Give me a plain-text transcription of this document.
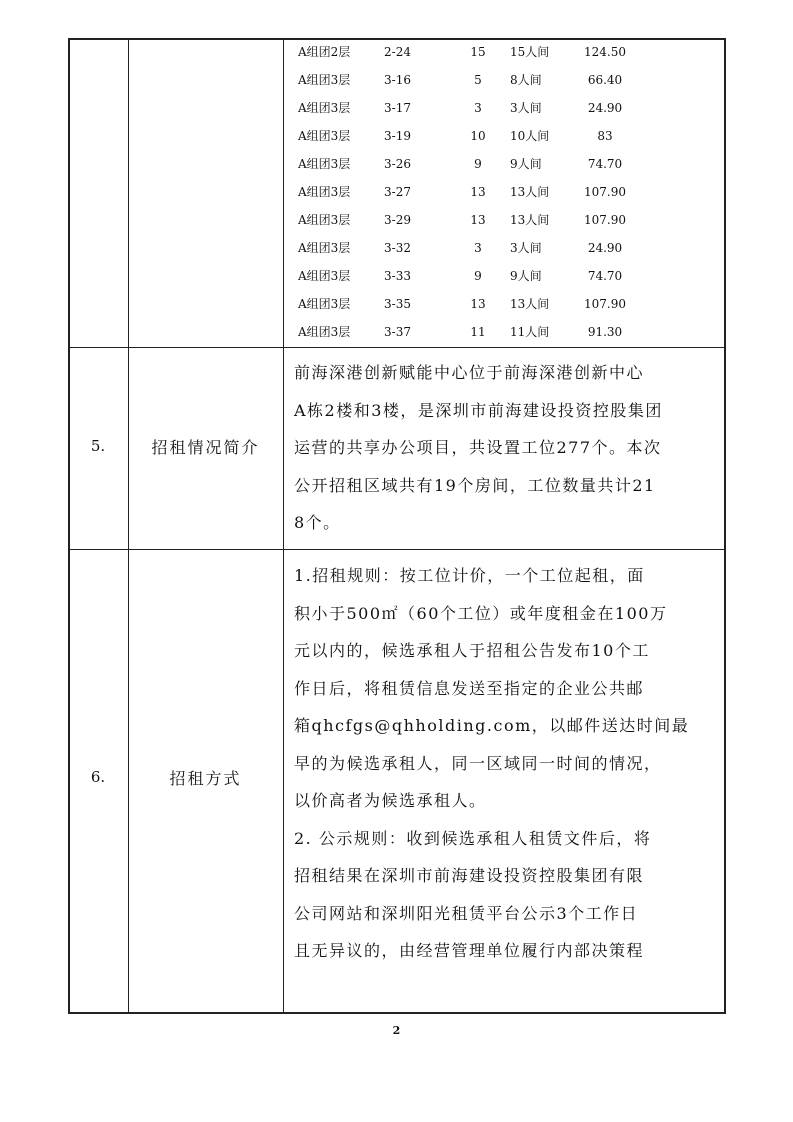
A组团2层	2-24	15	15人间	124.50
A组团3层	3-16	5	8人间	66.40
A组团3层	3-17	3	3人间	24.90
A组团3层	3-19	10	10人间	83
A组团3层	3-26	9	9人间	74.70
A组团3层	3-27	13	13人间	107.90
A组团3层	3-29	13	13人间	107.90
A组团3层	3-32	3	3人间	24.90
A组团3层	3-33	9	9人间	74.70
A组团3层	3-35	13	13人间	107.90
A组团3层	3-37	11	11人间	91.30
5.	招租情况简介

前海深港创新赋能中心位于前海深港创新中心

A栋2楼和3楼，是深圳市前海建设投资控股集团

运营的共享办公项目，共设置工位277个。本次

公开招租区域共有19个房间，工位数量共计21

8个。

6.	招租方式

1.招租规则：按工位计价，一个工位起租，面

积小于500㎡（60个工位）或年度租金在100万

元以内的，候选承租人于招租公告发布10个工

作日后，将租赁信息发送至指定的企业公共邮

箱qhcfgs@qhholding.com，以邮件送达时间最

早的为候选承租人，同一区域同一时间的情况，

以价高者为候选承租人。

2. 公示规则：收到候选承租人租赁文件后，将

招租结果在深圳市前海建设投资控股集团有限

公司网站和深圳阳光租赁平台公示3个工作日

且无异议的，由经营管理单位履行内部决策程

2
